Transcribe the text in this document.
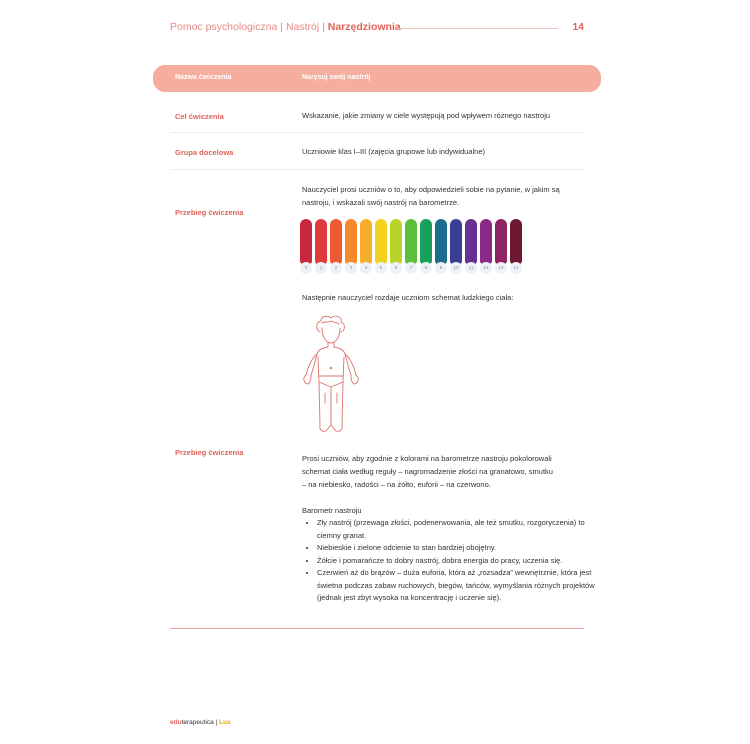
Pomoc psychologiczna | Nastrój | Narzędziownia	14
Nazwa ćwiczenia	Narysuj swój nastrój
Cel ćwiczenia	Wskazanie, jakie zmiany w ciele występują pod wpływem różnego nastroju
Grupa docelowa	Uczniowie klas I–III (zajęcia grupowe lub indywidualne)
Przebieg ćwiczenia
Nauczyciel prosi uczniów o to, aby odpowiedzieli sobie na pytanie, w jakim są
nastroju, i wskazali swój nastrój na barometrze.
0	1	2	3	4	5	6	7	8	9	10	11	12	13	14
Następnie nauczyciel rozdaje uczniom schemat ludzkiego ciała:
Przebieg ćwiczenia
Prosi uczniów, aby zgodnie z kolorami na barometrze nastroju pokolorowali
schemat ciała według reguły – nagromadzenie złości na granatowo, smutku
– na niebiesko, radości – na żółto, euforii – na czerwono.
Barometr nastroju
• Zły nastrój (przewaga złości, podenerwowania, ale też smutku, rozgoryczenia) to ciemny granat.
• Niebieskie i zielone odcienie to stan bardziej obojętny.
• Żółcie i pomarańcze to dobry nastrój, dobra energia do pracy, uczenia się.
• Czerwień aż do brązów – duża euforia, która aż „rozsadza” wewnętrznie, która jest świetna podczas zabaw ruchowych, biegów, tańców, wymyślania różnych projektów (jednak jest zbyt wysoka na koncentrację i uczenie się).
eduterapeutica | Lux
